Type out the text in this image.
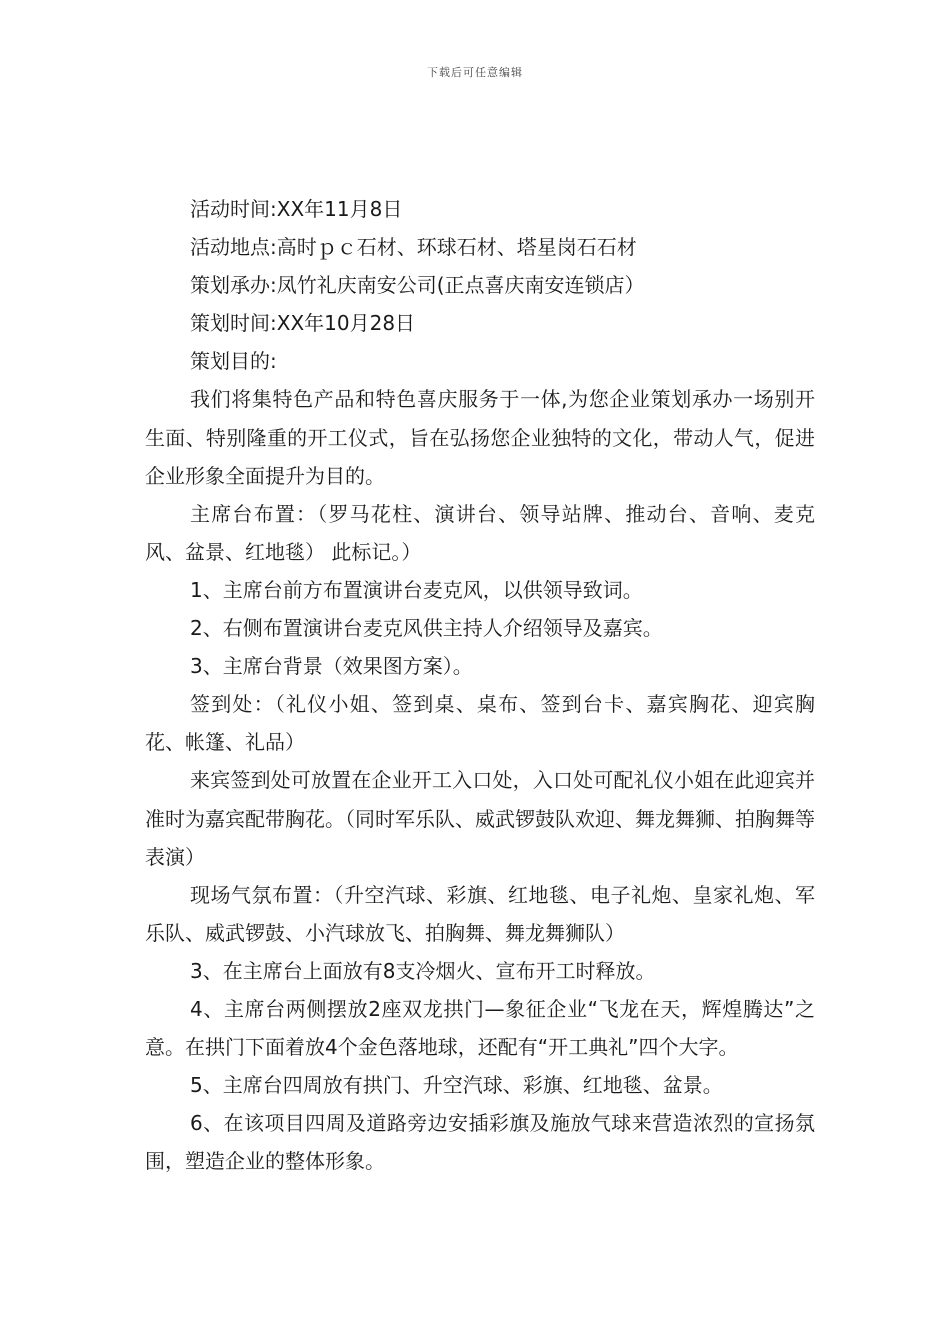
下载后可任意编辑

活动时间:XX年11月8日

活动地点:高时ｐｃ石材、环球石材、塔星岗石石材

策划承办:凤竹礼庆南安公司(正点喜庆南安连锁店）

策划时间:XX年10月28日

策划目的:

我们将集特色产品和特色喜庆服务于一体,为您企业策划承办一场别开生面、特别隆重的开工仪式，旨在弘扬您企业独特的文化，带动人气，促进企业形象全面提升为目的。

主席台布置：（罗马花柱、演讲台、领导站牌、推动台、音响、麦克风、盆景、红地毯） 此标记。）

1、主席台前方布置演讲台麦克风，以供领导致词。

2、右侧布置演讲台麦克风供主持人介绍领导及嘉宾。

3、主席台背景（效果图方案）。

签到处：（礼仪小姐、签到桌、桌布、签到台卡、嘉宾胸花、迎宾胸花、帐篷、礼品）

来宾签到处可放置在企业开工入口处，入口处可配礼仪小姐在此迎宾并准时为嘉宾配带胸花。（同时军乐队、威武锣鼓队欢迎、舞龙舞狮、拍胸舞等表演）

现场气氛布置：（升空汽球、彩旗、红地毯、电子礼炮、皇家礼炮、军乐队、威武锣鼓、小汽球放飞、拍胸舞、舞龙舞狮队）

3、在主席台上面放有8支冷烟火、宣布开工时释放。

4、主席台两侧摆放2座双龙拱门—象征企业“飞龙在天，辉煌腾达”之意。在拱门下面着放4个金色落地球，还配有“开工典礼”四个大字。

5、主席台四周放有拱门、升空汽球、彩旗、红地毯、盆景。

6、在该项目四周及道路旁边安插彩旗及施放气球来营造浓烈的宣扬氛围，塑造企业的整体形象。
